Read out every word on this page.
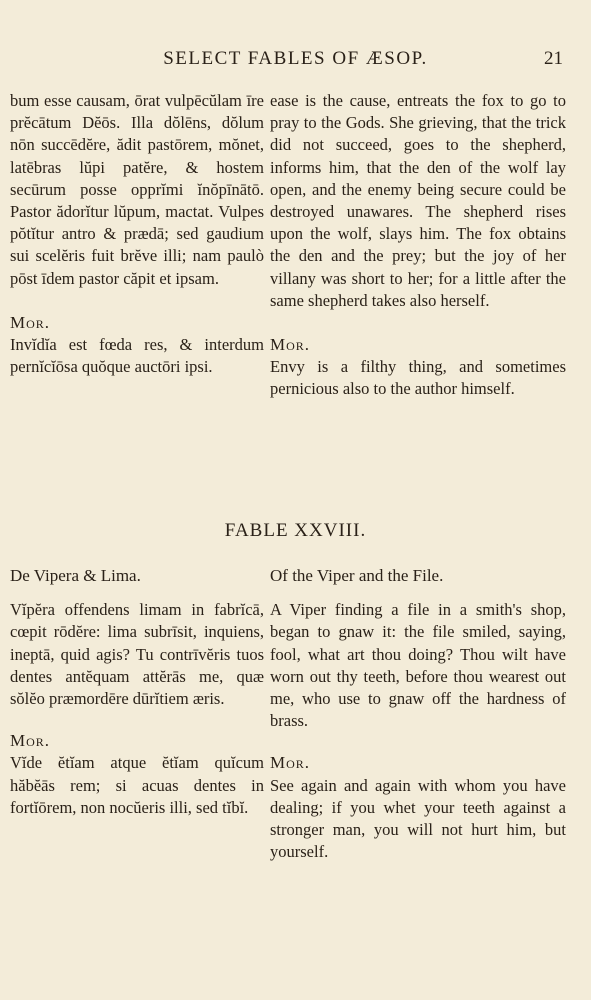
SELECT FABLES OF ÆSOP.	21

bum esse causam, ōrat vulpēcŭlam īre prĕcātum Dĕōs. Illa dŏlēns, dŏlum nōn succēdĕre, ădit pastōrem, mŏnet, latēbras lŭpi patĕre, & hostem secūrum posse opprĭmi ĭnŏpīnātō. Pastor ădorĭtur lŭpum, mactat. Vulpes pŏtĭtur antro & prædā; sed gaudium sui scelĕris fuit brĕve illi; nam paulò pōst īdem pastor căpit et ipsam.

Mor.

Invĭdĭa est fœda res, & interdum pernĭcĭōsa quŏque auctōri ipsi.

ease is the cause, entreats the fox to go to pray to the Gods. She grieving, that the trick did not succeed, goes to the shepherd, informs him, that the den of the wolf lay open, and the enemy being secure could be destroyed unawares. The shepherd rises upon the wolf, slays him. The fox obtains the den and the prey; but the joy of her villany was short to her; for a little after the same shepherd takes also herself.

Mor.

Envy is a filthy thing, and sometimes pernicious also to the author himself.

FABLE XXVIII.

De Vipera & Lima.

Vĭpĕra offendens limam in fabrĭcā, cœpit rōdĕre: lima subrīsit, inquiens, ineptā, quid agis? Tu contrīvĕris tuos dentes antĕquam attĕrās me, quæ sŏlĕo præmordēre dūrĭtiem æris.

Mor.

Vĭde ĕtĭam atque ĕtĭam quĭcum hăbĕās rem; si acuas dentes in fortĭōrem, non nocŭeris illi, sed tĭbĭ.

Of the Viper and the File.

A Viper finding a file in a smith's shop, began to gnaw it: the file smiled, saying, fool, what art thou doing? Thou wilt have worn out thy teeth, before thou wearest out me, who use to gnaw off the hardness of brass.

Mor.

See again and again with whom you have dealing; if you whet your teeth against a stronger man, you will not hurt him, but yourself.
